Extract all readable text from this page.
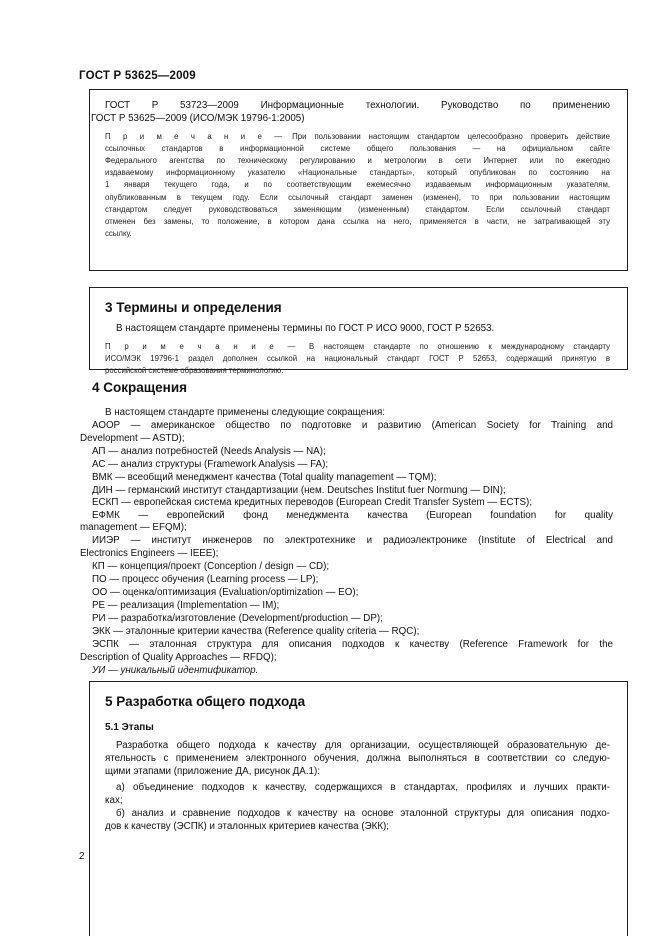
ГОСТ Р 53625—2009

ГОСТ Р 53723—2009 Информационные технологии. Руководство по применению

ГОСТ Р 53625—2009 (ИСО/МЭК 19796-1:2005)

П р и м е ч а н и е — При пользовании настоящим стандартом целесообразно проверить действие
ссылочных стандартов в информационной системе общего пользования — на официальном сайте
Федерального агентства по техническому регулированию и метрологии в сети Интернет или по ежегодно
издаваемому информационному указателю «Национальные стандарты», который опубликован по состоянию на
1 января текущего года, и по соответствующим ежемесячно издаваемым информационным указателям,
опубликованным в текущем году. Если ссылочный стандарт заменен (изменен), то при пользовании настоящим
стандартом следует руководствоваться заменяющим (измененным) стандартом. Если ссылочный стандарт
отменен без замены, то положение, в котором дана ссылка на него, применяется в части, не затрагивающей эту
ссылку.

3 Термины и определения

В настоящем стандарте применены термины по ГОСТ Р ИСО 9000, ГОСТ Р 52653.

П р и м е ч а н и е — В настоящем стандарте по отношению к международному стандарту
ИСО/МЭК 19796-1 раздел дополнен ссылкой на национальный стандарт ГОСТ Р 52653, содержащий принятую в
российской системе образования терминологию.

4 Сокращения

В настоящем стандарте применены следующие сокращения:

АООР — американское общество по подготовке и развитию (American Society for Training and

Development — ASTD);

АП — анализ потребностей (Needs Analysis — NA);

АС — анализ структуры (Framework Analysis — FA);

ВМК — всеобщий менеджмент качества (Total quality management — TQM);

ДИН — германский институт стандартизации (нем. Deutsches Institut fuer Normung — DIN);

ЕСКП — европейская система кредитных переводов (European Credit Transfer System — ECTS);

ЕФМК — европейский фонд менеджмента качества (European foundation for quality

management — EFQM);

ИИЭР — институт инженеров по электротехнике и радиоэлектронике (Institute of Electrical and

Electronics Engineers — IEEE);

КП — концепция/проект (Conception / design — CD);

ПО — процесс обучения (Learning process — LP);

ОО — оценка/оптимизация (Evaluation/optimization — EO);

РЕ — реализация (Implementation — IM);

РИ — разработка/изготовление (Development/production — DP);

ЭКК — эталонные критерии качества (Reference quality criteria — RQC);

ЭСПК — эталонная структура для описания подходов к качеству (Reference Framework for the

Description of Quality Approaches — RFDQ);

УИ — уникальный идентификатор.

5 Разработка общего подхода

5.1 Этапы

Разработка общего подхода к качеству для организации, осуществляющей образовательную де-

ятельность с применением электронного обучения, должна выполняться в соответствии со следую-

щими этапами (приложение ДА, рисунок ДА.1):

а) объединение подходов к качеству, содержащихся в стандартах, профилях и лучших практи-

ках;

б) анализ и сравнение подходов к качеству на основе эталонной структуры для описания подхо-

дов к качеству (ЭСПК) и эталонных критериев качества (ЭКК);

2
